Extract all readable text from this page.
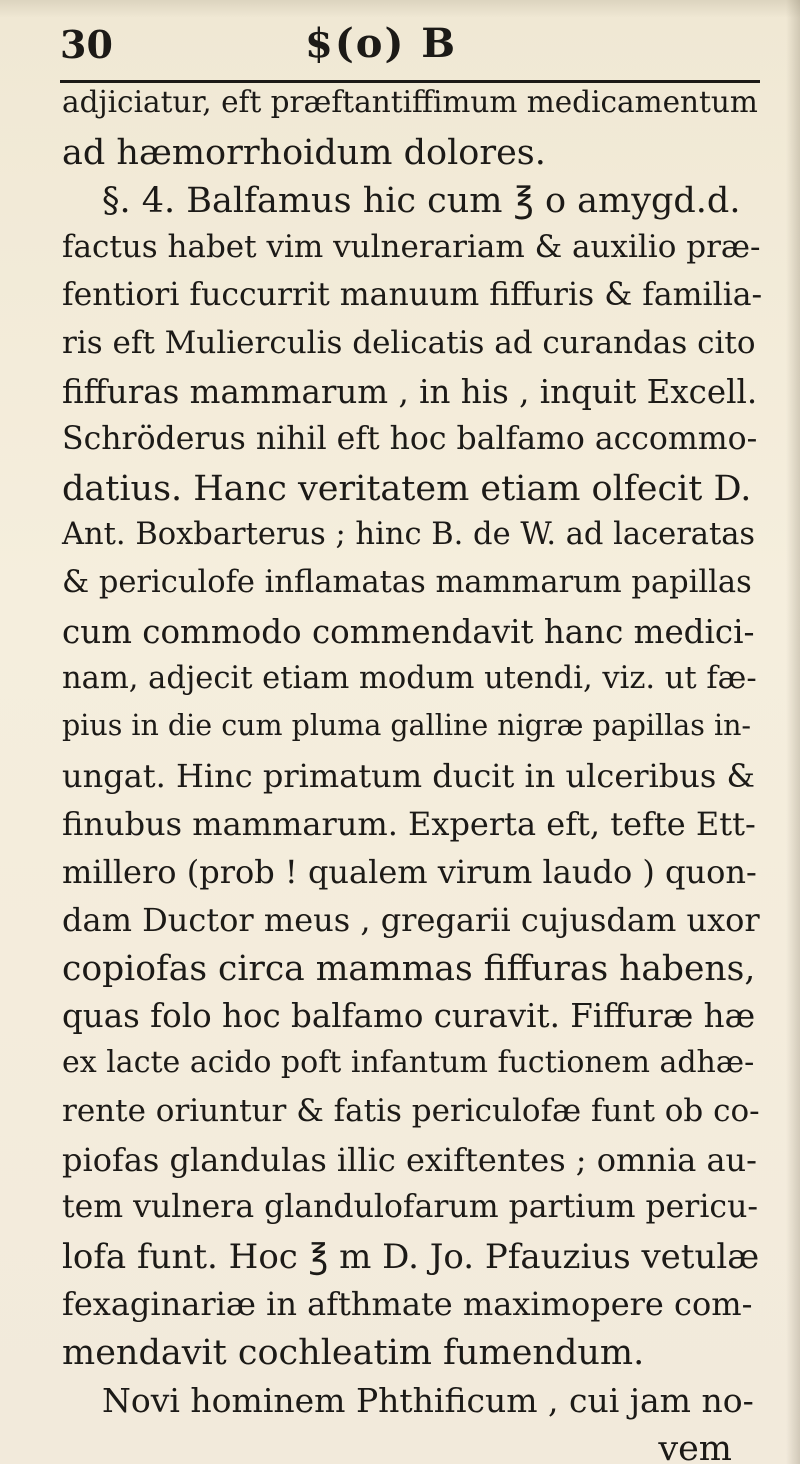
30	$⁡(o) B
adjiciatur, eft præftantiffimum medicamentum
ad hæmorrhoidum dolores.
§. 4. Balfamus hic cum ℥ o amygd.d.
factus habet vim vulnerariam & auxilio præ-
fentiori fuccurrit manuum fiffuris & familia-
ris eft Mulierculis delicatis ad curandas cito
fiffuras mammarum , in his , inquit Excell.
Schröderus nihil eft hoc balfamo accommo-
datius. Hanc veritatem etiam olfecit D.
Ant. Boxbarterus ; hinc B. de W. ad laceratas
& periculofe inflamatas mammarum papillas
cum commodo commendavit hanc medici-
nam, adjecit etiam modum utendi, viz. ut fæ-
pius in die cum pluma galline nigræ papillas in-
ungat. Hinc primatum ducit in ulceribus &
finubus mammarum. Experta eft, tefte Ett-
millero (prob ! qualem virum laudo ) quon-
dam Ductor meus , gregarii cujusdam uxor
copiofas circa mammas fiffuras habens,
quas folo hoc balfamo curavit. Fiffuræ hæ
ex lacte acido poft infantum fuctionem adhæ-
rente oriuntur & fatis periculofæ funt ob co-
piofas glandulas illic exiftentes ; omnia au-
tem vulnera glandulofarum partium pericu-
lofa funt. Hoc ℥ m D. Jo. Pfauzius vetulæ
fexaginariæ in afthmate maximopere com-
mendavit cochleatim fumendum.
Novi hominem Phthificum , cui jam no-
vem
